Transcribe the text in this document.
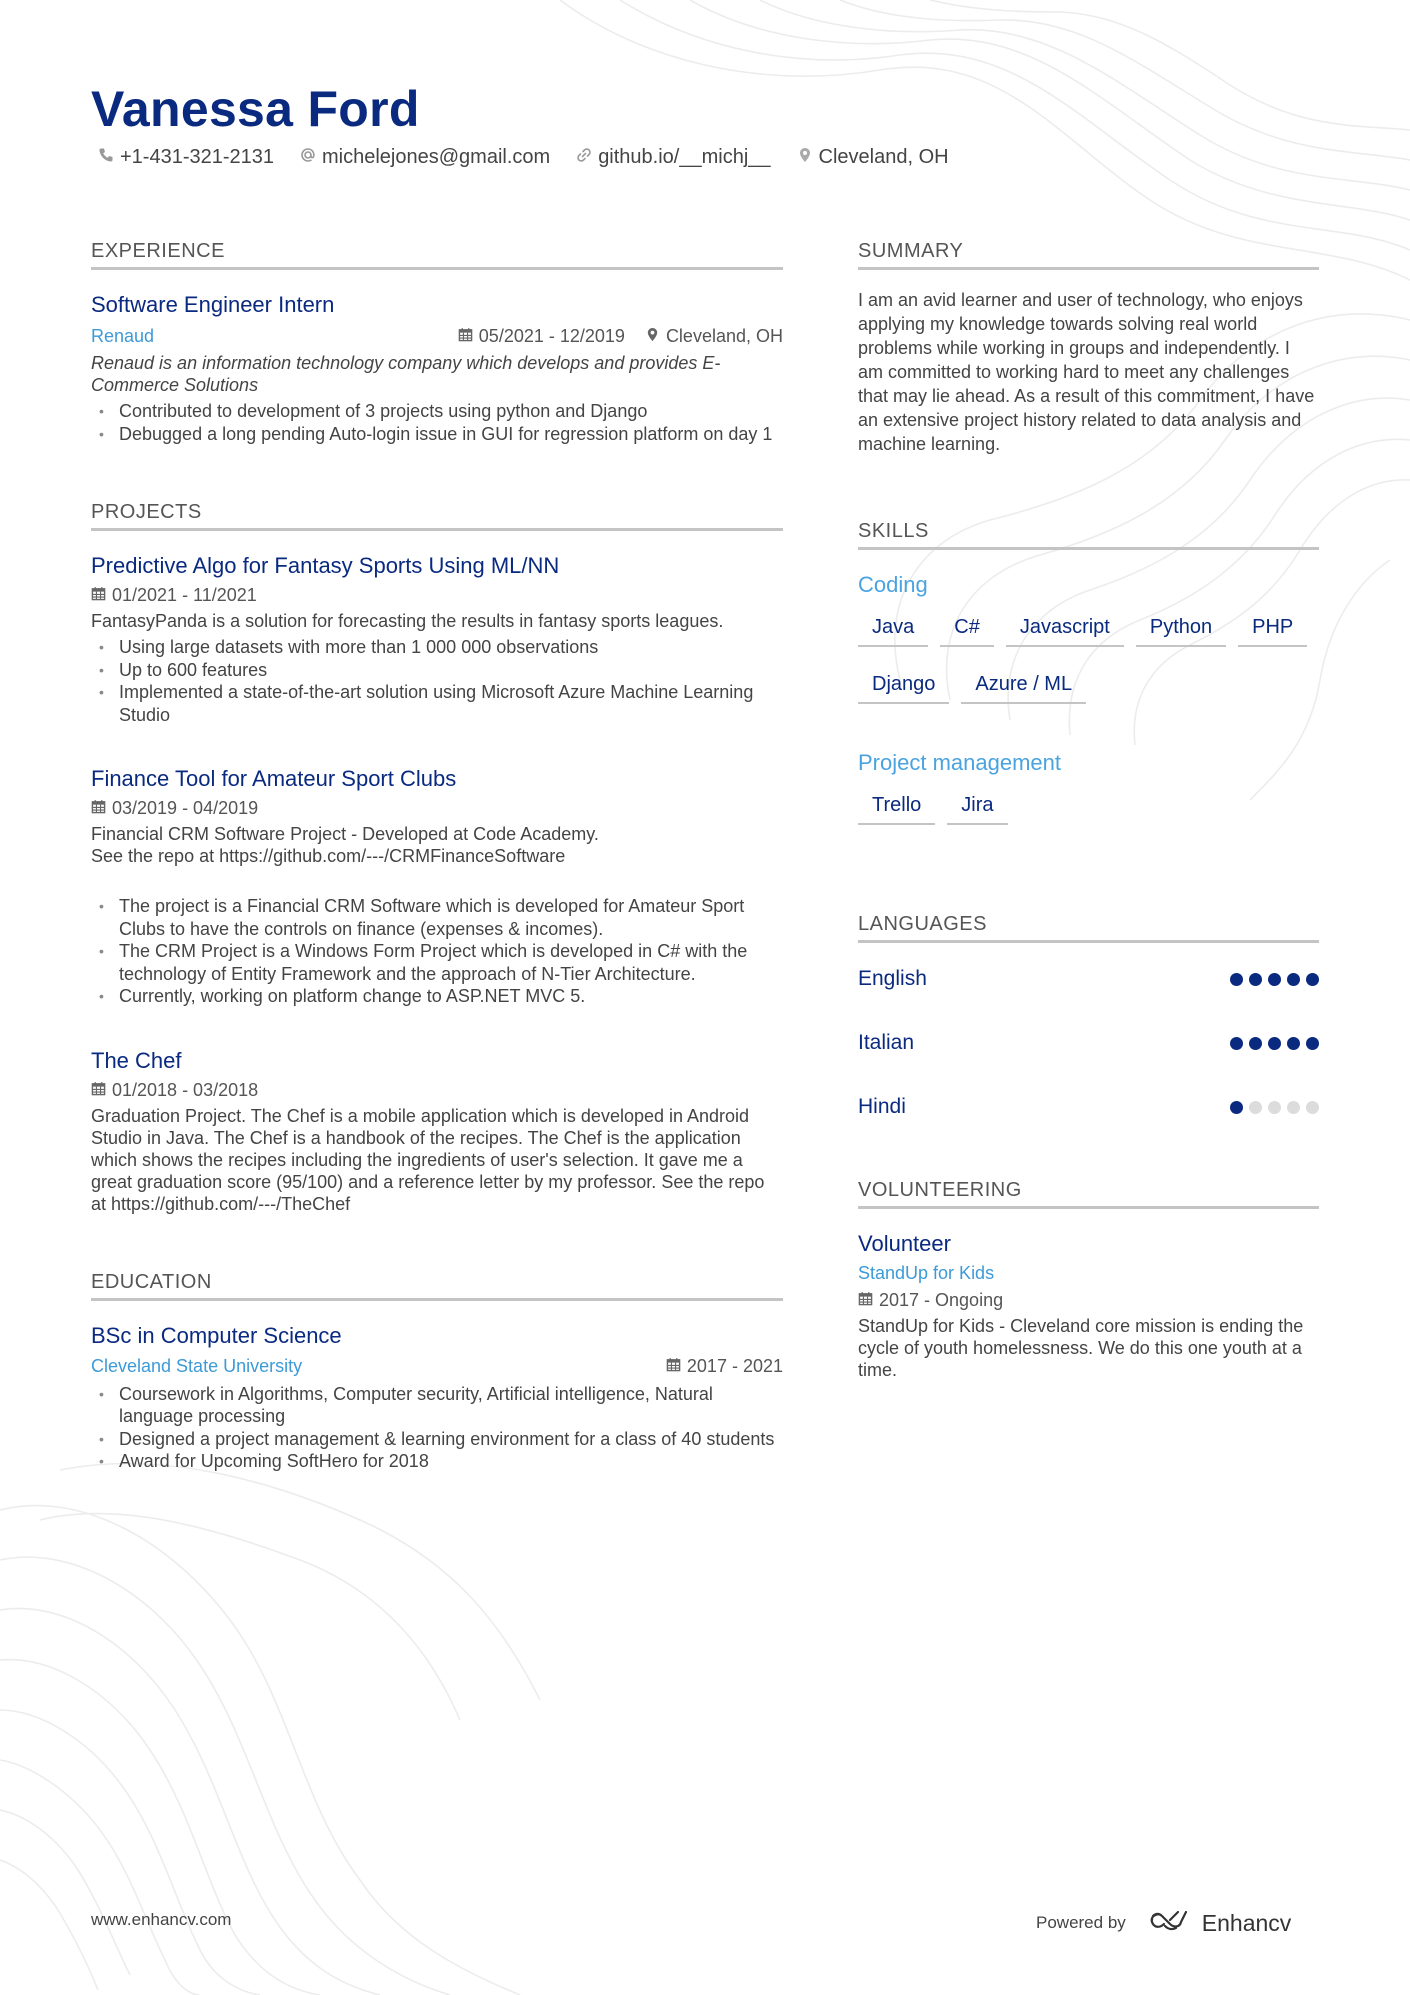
Vanessa Ford
+1-431-321-2131 michelejones@gmail.com github.io/__michj__ Cleveland, OH
EXPERIENCE
Software Engineer Intern
Renaud	05/2021 - 12/2019 Cleveland, OH

Renaud is an information technology company which develops and provides E-Commerce Solutions

• Contributed to development of 3 projects using python and Django
• Debugged a long pending Auto-login issue in GUI for regression platform on day 1
PROJECTS
Predictive Algo for Fantasy Sports Using ML/NN
01/2021 - 11/2021

FantasyPanda is a solution for forecasting the results in fantasy sports leagues.

• Using large datasets with more than 1 000 000 observations
• Up to 600 features
• Implemented a state-of-the-art solution using Microsoft Azure Machine Learning Studio
Finance Tool for Amateur Sport Clubs
03/2019 - 04/2019

Financial CRM Software Project - Developed at Code Academy.
See the repo at https://github.com/---/CRMFinanceSoftware

• The project is a Financial CRM Software which is developed for Amateur Sport Clubs to have the controls on finance (expenses & incomes).
• The CRM Project is a Windows Form Project which is developed in C# with the technology of Entity Framework and the approach of N-Tier Architecture.
• Currently, working on platform change to ASP.NET MVC 5.
The Chef
01/2018 - 03/2018

Graduation Project. The Chef is a mobile application which is developed in Android Studio in Java. The Chef is a handbook of the recipes. The Chef is the application which shows the recipes including the ingredients of user's selection. It gave me a great graduation score (95/100) and a reference letter by my professor. See the repo at https://github.com/---/TheChef

EDUCATION
BSc in Computer Science
Cleveland State University	2017 - 2021
• Coursework in Algorithms, Computer security, Artificial intelligence, Natural language processing
• Designed a project management & learning environment for a class of 40 students
• Award for Upcoming SoftHero for 2018
SUMMARY

I am an avid learner and user of technology, who enjoys applying my knowledge towards solving real world problems while working in groups and independently. I am committed to working hard to meet any challenges that may lie ahead. As a result of this commitment, I have an extensive project history related to data analysis and machine learning.

SKILLS
Coding
Java	C#	Javascript	Python	PHP
Django	Azure / ML
Project management
Trello	Jira
LANGUAGES
English
Italian
Hindi
VOLUNTEERING
Volunteer
StandUp for Kids
2017 - Ongoing

StandUp for Kids - Cleveland core mission is ending the cycle of youth homelessness. We do this one youth at a time.

www.enhancv.com	Powered by	Enhancv
